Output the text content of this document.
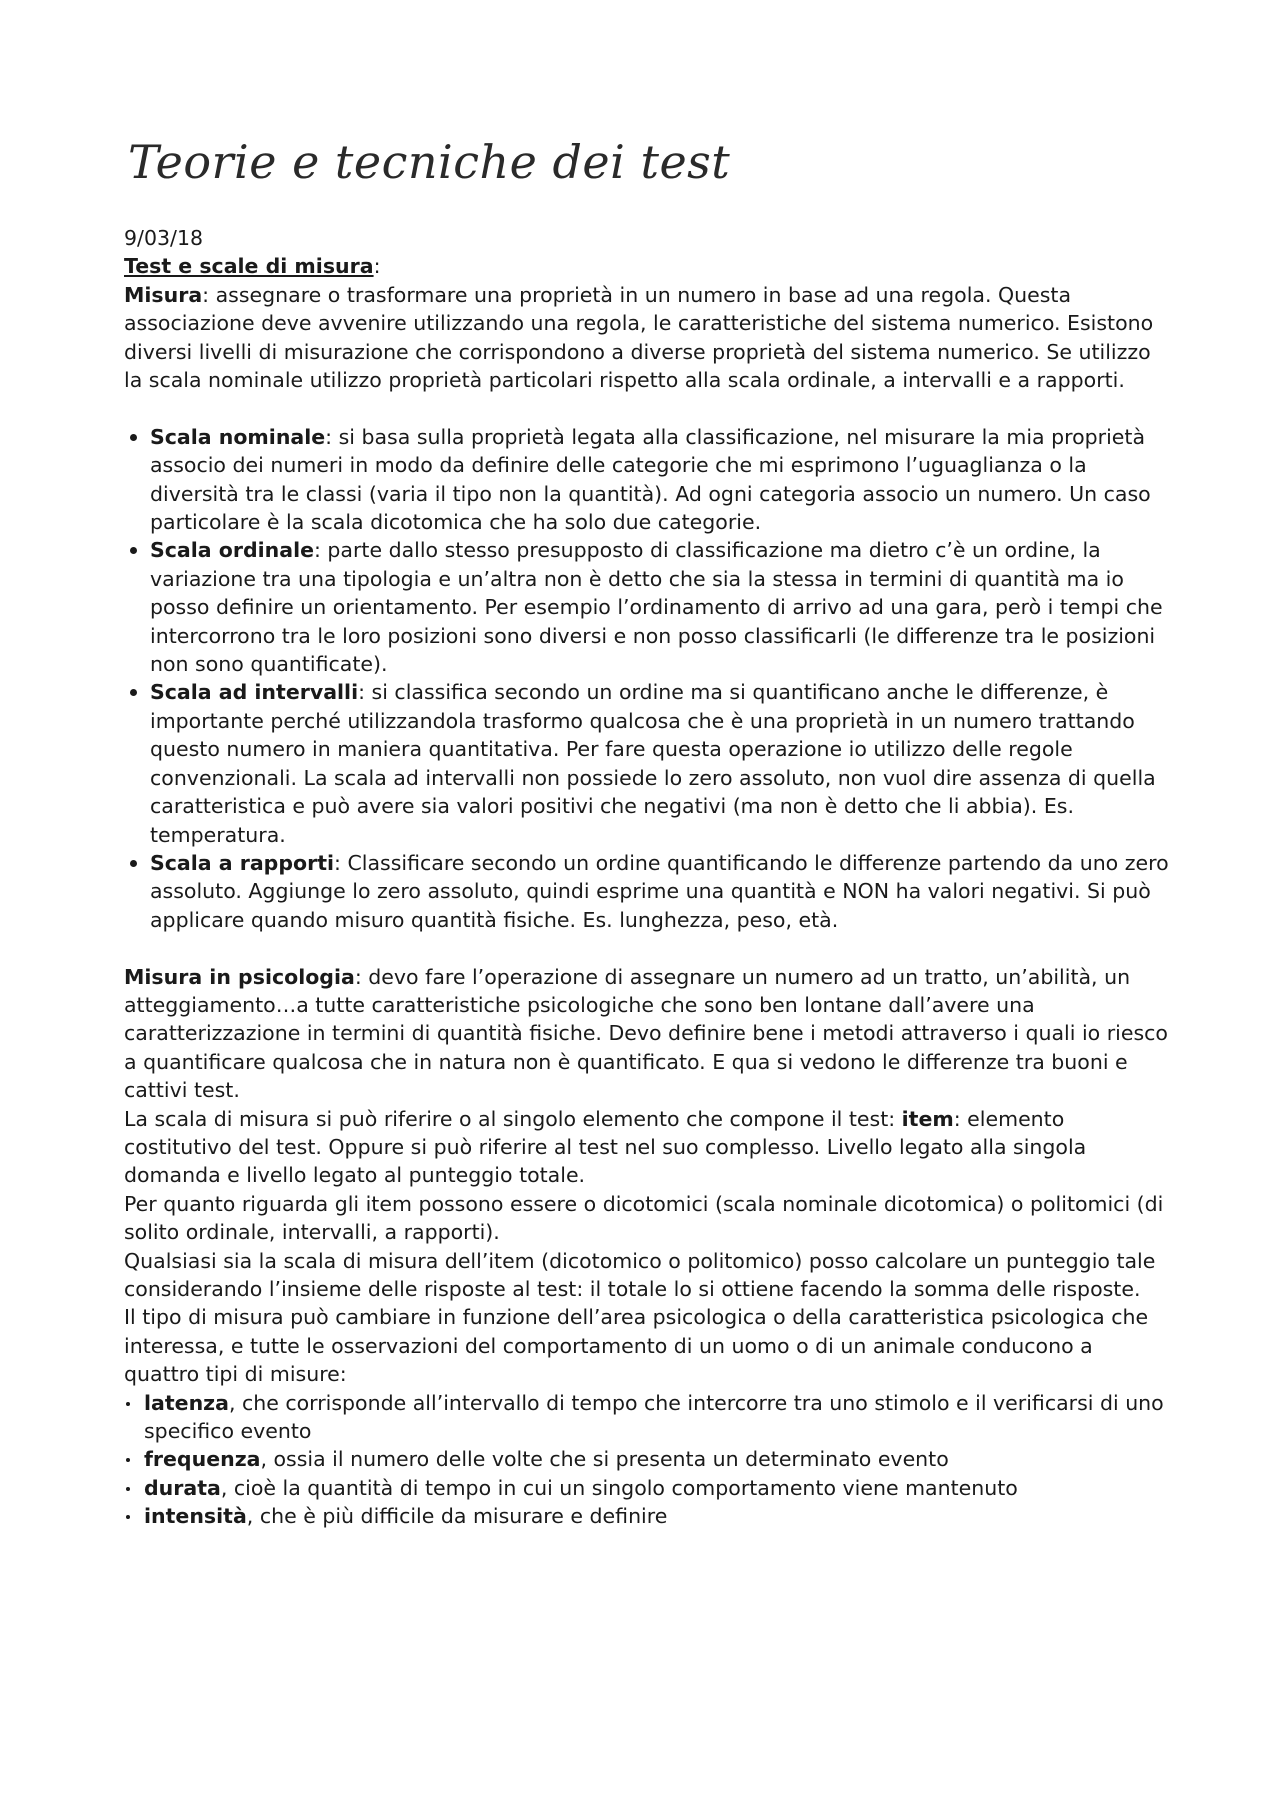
Teorie e tecniche dei test

9/03/18

Test e scale di misura:

Misura: assegnare o trasformare una proprietà in un numero in base ad una regola. Questa associazione deve avvenire utilizzando una regola, le caratteristiche del sistema numerico. Esistono diversi livelli di misurazione che corrispondono a diverse proprietà del sistema numerico. Se utilizzo la scala nominale utilizzo proprietà particolari rispetto alla scala ordinale, a intervalli e a rapporti.

Scala nominale: si basa sulla proprietà legata alla classificazione, nel misurare la mia proprietà associo dei numeri in modo da definire delle categorie che mi esprimono l’uguaglianza o la diversità tra le classi (varia il tipo non la quantità). Ad ogni categoria associo un numero. Un caso particolare è la scala dicotomica che ha solo due categorie.
Scala ordinale: parte dallo stesso presupposto di classificazione ma dietro c’è un ordine, la variazione tra una tipologia e un’altra non è detto che sia la stessa in termini di quantità ma io posso definire un orientamento. Per esempio l’ordinamento di arrivo ad una gara, però i tempi che intercorrono tra le loro posizioni sono diversi e non posso classificarli (le differenze tra le posizioni non sono quantificate).
Scala ad intervalli: si classifica secondo un ordine ma si quantificano anche le differenze, è importante perché utilizzandola trasformo qualcosa che è una proprietà in un numero trattando questo numero in maniera quantitativa. Per fare questa operazione io utilizzo delle regole convenzionali. La scala ad intervalli non possiede lo zero assoluto, non vuol dire assenza di quella caratteristica e può avere sia valori positivi che negativi (ma non è detto che li abbia). Es. temperatura.
Scala a rapporti: Classificare secondo un ordine quantificando le differenze partendo da uno zero assoluto. Aggiunge lo zero assoluto, quindi esprime una quantità e NON ha valori negativi. Si può applicare quando misuro quantità fisiche. Es. lunghezza, peso, età.

Misura in psicologia: devo fare l’operazione di assegnare un numero ad un tratto, un’abilità, un atteggiamento…a tutte caratteristiche psicologiche che sono ben lontane dall’avere una caratterizzazione in termini di quantità fisiche. Devo definire bene i metodi attraverso i quali io riesco a quantificare qualcosa che in natura non è quantificato. E qua si vedono le differenze tra buoni e cattivi test.

La scala di misura si può riferire o al singolo elemento che compone il test: item: elemento costitutivo del test. Oppure si può riferire al test nel suo complesso. Livello legato alla singola domanda e livello legato al punteggio totale.

Per quanto riguarda gli item possono essere o dicotomici (scala nominale dicotomica) o politomici (di solito ordinale, intervalli, a rapporti).

Qualsiasi sia la scala di misura dell’item (dicotomico o politomico) posso calcolare un punteggio tale considerando l’insieme delle risposte al test: il totale lo si ottiene facendo la somma delle risposte.

Il tipo di misura può cambiare in funzione dell’area psicologica o della caratteristica psicologica che interessa, e tutte le osservazioni del comportamento di un uomo o di un animale conducono a quattro tipi di misure:

latenza, che corrisponde all’intervallo di tempo che intercorre tra uno stimolo e il verificarsi di uno specifico evento
frequenza, ossia il numero delle volte che si presenta un determinato evento
durata, cioè la quantità di tempo in cui un singolo comportamento viene mantenuto
intensità, che è più difficile da misurare e definire
